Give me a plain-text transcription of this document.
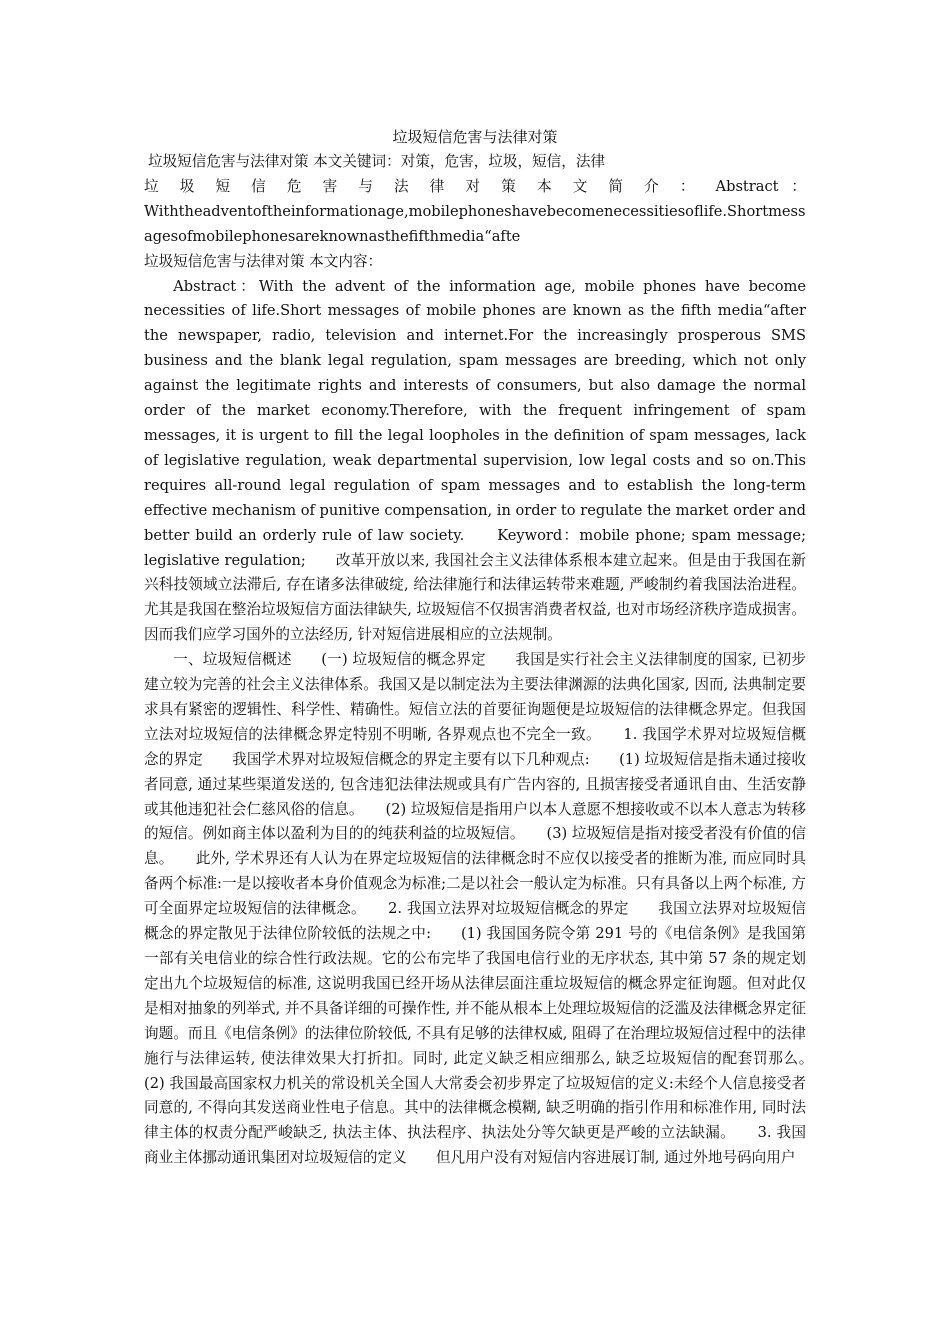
垃圾短信危害与法律对策

垃圾短信危害与法律对策 本文关键词：对策，危害，垃圾，短信，法律

垃 圾 短 信 危 害 与 法 律 对 策 本 文 简 介 ： Abstract ：

Withtheadventoftheinformationage,mobilephoneshavebecomenecessitiesoflife.Shortmessagesofmobilephonesareknownasthefifthmedia“afte

垃圾短信危害与法律对策 本文内容：

Abstract：With the advent of the information age, mobile phones have become necessities of life.Short messages of mobile phones are known as the fifth media“after the newspaper, radio, television and internet.For the increasingly prosperous SMS business and the blank legal regulation, spam messages are breeding, which not only against the legitimate rights and interests of consumers, but also damage the normal order of the market economy.Therefore, with the frequent infringement of spam messages, it is urgent to fill the legal loopholes in the definition of spam messages, lack of legislative regulation, weak departmental supervision, low legal costs and so on.This requires all-round legal regulation of spam messages and to establish the long-term effective mechanism of punitive compensation, in order to regulate the market order and better build an orderly rule of law society.　　Keyword：mobile phone; spam message; legislative regulation;　　改革开放以来, 我国社会主义法律体系根本建立起来。但是由于我国在新兴科技领域立法滞后, 存在诸多法律破绽, 给法律施行和法律运转带来难题, 严峻制约着我国法治进程。尤其是我国在整治垃圾短信方面法律缺失, 垃圾短信不仅损害消费者权益, 也对市场经济秩序造成损害。因而我们应学习国外的立法经历, 针对短信进展相应的立法规制。

一、垃圾短信概述　　(一) 垃圾短信的概念界定　　我国是实行社会主义法律制度的国家, 已初步建立较为完善的社会主义法律体系。我国又是以制定法为主要法律渊源的法典化国家, 因而, 法典制定要求具有紧密的逻辑性、科学性、精确性。短信立法的首要征询题便是垃圾短信的法律概念界定。但我国立法对垃圾短信的法律概念界定特别不明晰, 各界观点也不完全一致。　　1. 我国学术界对垃圾短信概念的界定　　我国学术界对垃圾短信概念的界定主要有以下几种观点:　　(1) 垃圾短信是指未通过接收者同意, 通过某些渠道发送的, 包含违犯法律法规或具有广告内容的, 且损害接受者通讯自由、生活安静或其他违犯社会仁慈风俗的信息。　　(2) 垃圾短信是指用户以本人意愿不想接收或不以本人意志为转移的短信。例如商主体以盈利为目的的纯获利益的垃圾短信。　　(3) 垃圾短信是指对接受者没有价值的信息。　　此外, 学术界还有人认为在界定垃圾短信的法律概念时不应仅以接受者的推断为准, 而应同时具备两个标准:一是以接收者本身价值观念为标准;二是以社会一般认定为标准。只有具备以上两个标准, 方可全面界定垃圾短信的法律概念。　　2. 我国立法界对垃圾短信概念的界定　　我国立法界对垃圾短信概念的界定散见于法律位阶较低的法规之中:　　(1) 我国国务院令第 291 号的《电信条例》是我国第一部有关电信业的综合性行政法规。它的公布完毕了我国电信行业的无序状态, 其中第 57 条的规定划定出九个垃圾短信的标准, 这说明我国已经开场从法律层面注重垃圾短信的概念界定征询题。但对此仅是相对抽象的列举式, 并不具备详细的可操作性, 并不能从根本上处理垃圾短信的泛滥及法律概念界定征询题。而且《电信条例》的法律位阶较低, 不具有足够的法律权威, 阻碍了在治理垃圾短信过程中的法律施行与法律运转, 使法律效果大打折扣。同时, 此定义缺乏相应细那么, 缺乏垃圾短信的配套罚那么。　　(2) 我国最高国家权力机关的常设机关全国人大常委会初步界定了垃圾短信的定义:未经个人信息接受者同意的, 不得向其发送商业性电子信息。其中的法律概念模糊, 缺乏明确的指引作用和标准作用, 同时法律主体的权责分配严峻缺乏, 执法主体、执法程序、执法处分等欠缺更是严峻的立法缺漏。　　3. 我国商业主体挪动通讯集团对垃圾短信的定义　　但凡用户没有对短信内容进展订制, 通过外地号码向用户
